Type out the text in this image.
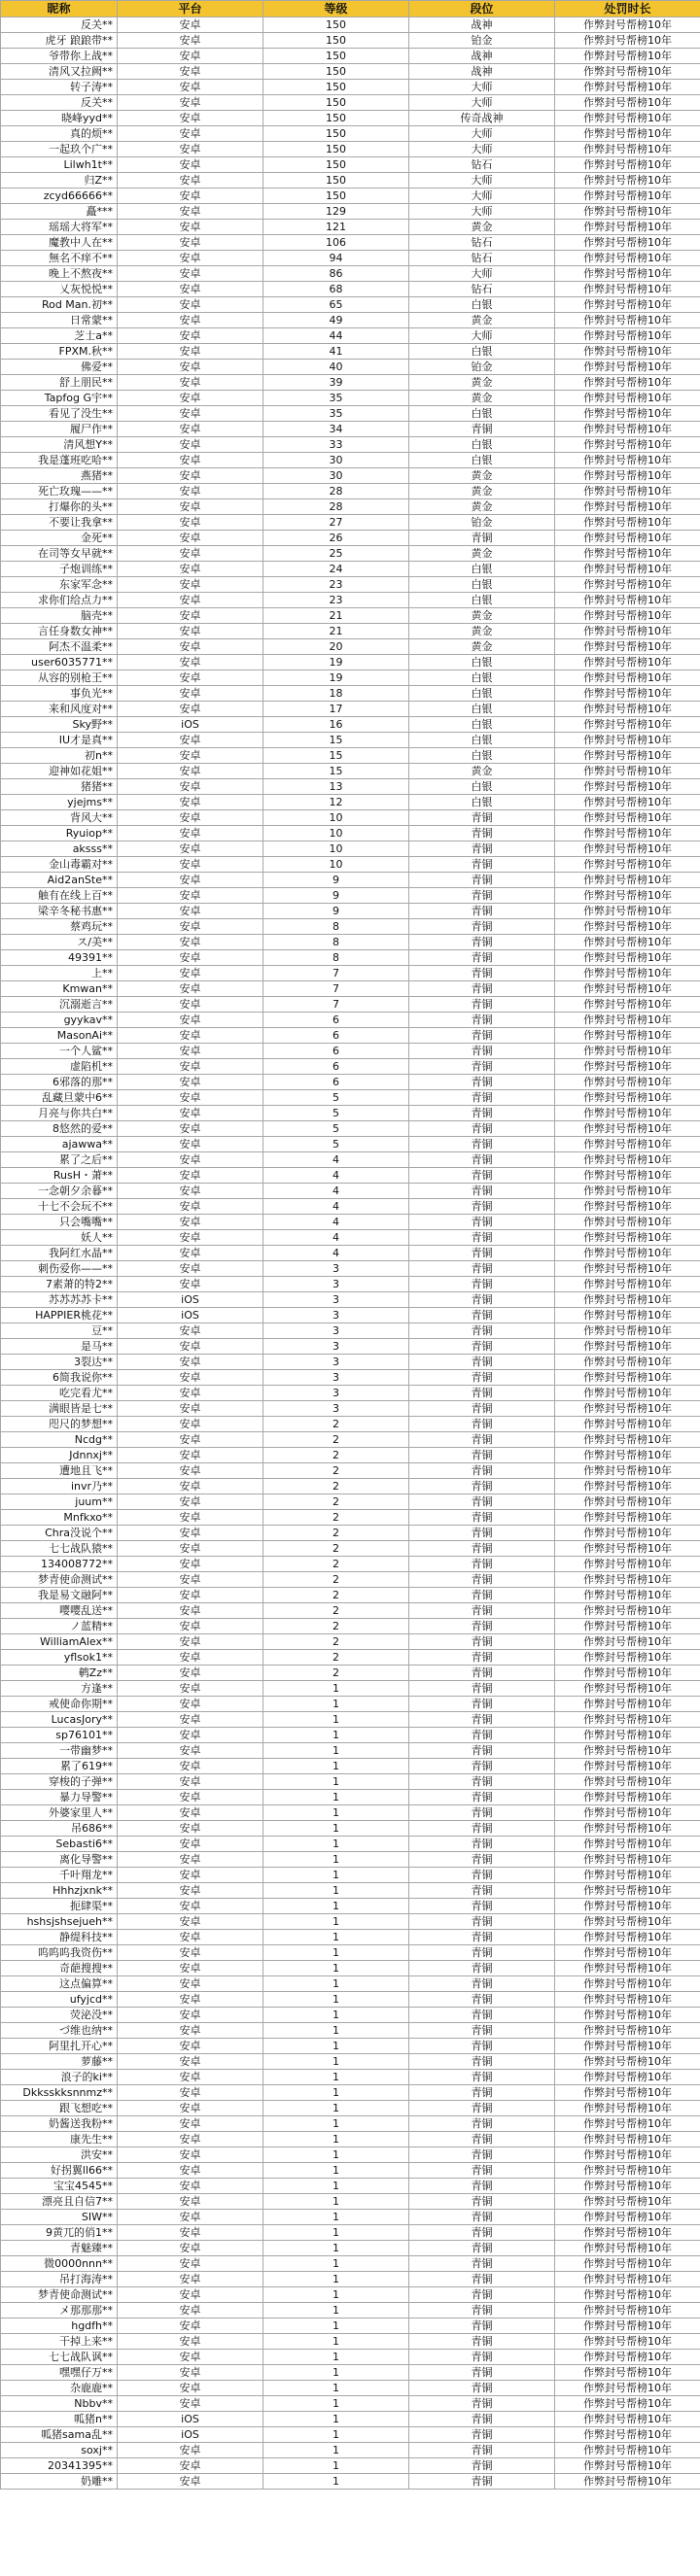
昵称	平台	等级	段位	处罚时长
反关**	安卓	150	战神	作弊封号帮榜10年
虎牙 踉踉带**	安卓	150	铂金	作弊封号帮榜10年
爷带你上战**	安卓	150	战神	作弊封号帮榜10年
清风又拉阙**	安卓	150	战神	作弊封号帮榜10年
转子涛**	安卓	150	大师	作弊封号帮榜10年
反关**	安卓	150	大师	作弊封号帮榜10年
晓峰yyd**	安卓	150	传奇战神	作弊封号帮榜10年
真的烦**	安卓	150	大师	作弊封号帮榜10年
一起玖个广**	安卓	150	大师	作弊封号帮榜10年
Lilwh1t**	安卓	150	钻石	作弊封号帮榜10年
归Z**	安卓	150	大师	作弊封号帮榜10年
zcyd66666**	安卓	150	大师	作弊封号帮榜10年
矗***	安卓	129	大师	作弊封号帮榜10年
瑶瑶大将军**	安卓	121	黄金	作弊封号帮榜10年
魔教中人在**	安卓	106	钻石	作弊封号帮榜10年
無名不痒不**	安卓	94	钻石	作弊封号帮榜10年
晚上不熬夜**	安卓	86	大师	作弊封号帮榜10年
乂灰悦悦**	安卓	68	钻石	作弊封号帮榜10年
Rod Man.初**	安卓	65	白银	作弊封号帮榜10年
日常蒙**	安卓	49	黄金	作弊封号帮榜10年
芝士a**	安卓	44	大师	作弊封号帮榜10年
FPXM.秋**	安卓	41	白银	作弊封号帮榜10年
佛爱**	安卓	40	铂金	作弊封号帮榜10年
舒上朋民**	安卓	39	黄金	作弊封号帮榜10年
Tapfog G宇**	安卓	35	黄金	作弊封号帮榜10年
看见了没生**	安卓	35	白银	作弊封号帮榜10年
履尸作**	安卓	34	青铜	作弊封号帮榜10年
清风想Y**	安卓	33	白银	作弊封号帮榜10年
我是蓬班吃哈**	安卓	30	白银	作弊封号帮榜10年
燕猪**	安卓	30	黄金	作弊封号帮榜10年
死亡玫瑰——**	安卓	28	黄金	作弊封号帮榜10年
打爆你的头**	安卓	28	黄金	作弊封号帮榜10年
不要让我拿**	安卓	27	铂金	作弊封号帮榜10年
金死**	安卓	26	青铜	作弊封号帮榜10年
在司等女早就**	安卓	25	黄金	作弊封号帮榜10年
子炮训练**	安卓	24	白银	作弊封号帮榜10年
东家军念**	安卓	23	白银	作弊封号帮榜10年
求你们给点力**	安卓	23	白银	作弊封号帮榜10年
脑壳**	安卓	21	黄金	作弊封号帮榜10年
言任身数女神**	安卓	21	黄金	作弊封号帮榜10年
阿杰不温柔**	安卓	20	黄金	作弊封号帮榜10年
user6035771**	安卓	19	白银	作弊封号帮榜10年
从容的别枪王**	安卓	19	白银	作弊封号帮榜10年
事负光**	安卓	18	白银	作弊封号帮榜10年
来和风度对**	安卓	17	白银	作弊封号帮榜10年
Sky野**	iOS	16	白银	作弊封号帮榜10年
IU才是真**	安卓	15	白银	作弊封号帮榜10年
初n**	安卓	15	白银	作弊封号帮榜10年
迎神如花姐**	安卓	15	黄金	作弊封号帮榜10年
猪猪**	安卓	13	白银	作弊封号帮榜10年
yjejms**	安卓	12	白银	作弊封号帮榜10年
背风大**	安卓	10	青铜	作弊封号帮榜10年
Ryuiop**	安卓	10	青铜	作弊封号帮榜10年
aksss**	安卓	10	青铜	作弊封号帮榜10年
金山毒霸对**	安卓	10	青铜	作弊封号帮榜10年
Aid2anSte**	安卓	9	青铜	作弊封号帮榜10年
触有在线上百**	安卓	9	青铜	作弊封号帮榜10年
梁辛冬秘书惠**	安卓	9	青铜	作弊封号帮榜10年
蔡鸡玩**	安卓	8	青铜	作弊封号帮榜10年
ス/美**	安卓	8	青铜	作弊封号帮榜10年
49391**	安卓	8	青铜	作弊封号帮榜10年
上**	安卓	7	青铜	作弊封号帮榜10年
Kmwan**	安卓	7	青铜	作弊封号帮榜10年
沉溺逝言**	安卓	7	青铜	作弊封号帮榜10年
gyykav**	安卓	6	青铜	作弊封号帮榜10年
MasonAi**	安卓	6	青铜	作弊封号帮榜10年
一个人鲨**	安卓	6	青铜	作弊封号帮榜10年
虚陷机**	安卓	6	青铜	作弊封号帮榜10年
6邪落的那**	安卓	6	青铜	作弊封号帮榜10年
乱藏旦蒙中6**	安卓	5	青铜	作弊封号帮榜10年
月亮与你共白**	安卓	5	青铜	作弊封号帮榜10年
8悠然的爱**	安卓	5	青铜	作弊封号帮榜10年
ajawwa**	安卓	5	青铜	作弊封号帮榜10年
累了之后**	安卓	4	青铜	作弊封号帮榜10年
RusH・萧**	安卓	4	青铜	作弊封号帮榜10年
一念朝夕余暮**	安卓	4	青铜	作弊封号帮榜10年
十七不会玩不**	安卓	4	青铜	作弊封号帮榜10年
只会嘴嘴**	安卓	4	青铜	作弊封号帮榜10年
妖人**	安卓	4	青铜	作弊封号帮榜10年
我阿红水晶**	安卓	4	青铜	作弊封号帮榜10年
刺伤爱你——**	安卓	3	青铜	作弊封号帮榜10年
7素萧的特2**	安卓	3	青铜	作弊封号帮榜10年
苏苏苏苏卡**	iOS	3	青铜	作弊封号帮榜10年
HAPPIER桃花**	iOS	3	青铜	作弊封号帮榜10年
豆**	安卓	3	青铜	作弊封号帮榜10年
是马**	安卓	3	青铜	作弊封号帮榜10年
3裂达**	安卓	3	青铜	作弊封号帮榜10年
6简我说你**	安卓	3	青铜	作弊封号帮榜10年
吃完看尤**	安卓	3	青铜	作弊封号帮榜10年
满眼皆是七**	安卓	3	青铜	作弊封号帮榜10年
咫尺的梦想**	安卓	2	青铜	作弊封号帮榜10年
Ncdg**	安卓	2	青铜	作弊封号帮榜10年
Jdnnxj**	安卓	2	青铜	作弊封号帮榜10年
遭地且飞**	安卓	2	青铜	作弊封号帮榜10年
invr乃**	安卓	2	青铜	作弊封号帮榜10年
juum**	安卓	2	青铜	作弊封号帮榜10年
Mnfkxo**	安卓	2	青铜	作弊封号帮榜10年
Chra没说个**	安卓	2	青铜	作弊封号帮榜10年
七七战队猿**	安卓	2	青铜	作弊封号帮榜10年
134008772**	安卓	2	青铜	作弊封号帮榜10年
梦青使命测试**	安卓	2	青铜	作弊封号帮榜10年
我是易文融阿**	安卓	2	青铜	作弊封号帮榜10年
嘤嘤乱送**	安卓	2	青铜	作弊封号帮榜10年
ノ蓝精**	安卓	2	青铜	作弊封号帮榜10年
WilliamAlex**	安卓	2	青铜	作弊封号帮榜10年
yflsok1**	安卓	2	青铜	作弊封号帮榜10年
鹌Zz**	安卓	2	青铜	作弊封号帮榜10年
方逢**	安卓	1	青铜	作弊封号帮榜10年
戒使命你期**	安卓	1	青铜	作弊封号帮榜10年
LucasJory**	安卓	1	青铜	作弊封号帮榜10年
sp76101**	安卓	1	青铜	作弊封号帮榜10年
一带幽梦**	安卓	1	青铜	作弊封号帮榜10年
累了619**	安卓	1	青铜	作弊封号帮榜10年
穿梭的子弹**	安卓	1	青铜	作弊封号帮榜10年
暴力导警**	安卓	1	青铜	作弊封号帮榜10年
外婆家里人**	安卓	1	青铜	作弊封号帮榜10年
吊686**	安卓	1	青铜	作弊封号帮榜10年
Sebasti6**	安卓	1	青铜	作弊封号帮榜10年
离化导警**	安卓	1	青铜	作弊封号帮榜10年
千叶翔龙**	安卓	1	青铜	作弊封号帮榜10年
Hhhzjxnk**	安卓	1	青铜	作弊封号帮榜10年
扼肆渠**	安卓	1	青铜	作弊封号帮榜10年
hshsjshsejueh**	安卓	1	青铜	作弊封号帮榜10年
静缇科技**	安卓	1	青铜	作弊封号帮榜10年
呜呜呜我资伤**	安卓	1	青铜	作弊封号帮榜10年
奇葩搜搜**	安卓	1	青铜	作弊封号帮榜10年
这点偏算**	安卓	1	青铜	作弊封号帮榜10年
ufyjcd**	安卓	1	青铜	作弊封号帮榜10年
荧泌没**	安卓	1	青铜	作弊封号帮榜10年
づ维也纳**	安卓	1	青铜	作弊封号帮榜10年
阿里扎开心**	安卓	1	青铜	作弊封号帮榜10年
萝藤**	安卓	1	青铜	作弊封号帮榜10年
浪子的ki**	安卓	1	青铜	作弊封号帮榜10年
Dkksskksnnmz**	安卓	1	青铜	作弊封号帮榜10年
跟飞想吃**	安卓	1	青铜	作弊封号帮榜10年
奶酱送我粉**	安卓	1	青铜	作弊封号帮榜10年
康先生**	安卓	1	青铜	作弊封号帮榜10年
洪安**	安卓	1	青铜	作弊封号帮榜10年
好拐翼ll66**	安卓	1	青铜	作弊封号帮榜10年
宝宝4545**	安卓	1	青铜	作弊封号帮榜10年
漂亮且自信7**	安卓	1	青铜	作弊封号帮榜10年
SIW**	安卓	1	青铜	作弊封号帮榜10年
9黄兀的俏1**	安卓	1	青铜	作弊封号帮榜10年
青魅臻**	安卓	1	青铜	作弊封号帮榜10年
微0000nnn**	安卓	1	青铜	作弊封号帮榜10年
吊打海涛**	安卓	1	青铜	作弊封号帮榜10年
梦青使命测试**	安卓	1	青铜	作弊封号帮榜10年
メ那那那**	安卓	1	青铜	作弊封号帮榜10年
hgdfh**	安卓	1	青铜	作弊封号帮榜10年
干掉上来**	安卓	1	青铜	作弊封号帮榜10年
七七战队讽**	安卓	1	青铜	作弊封号帮榜10年
嘿嘿仔万**	安卓	1	青铜	作弊封号帮榜10年
杂鹿鹿**	安卓	1	青铜	作弊封号帮榜10年
Nbbv**	安卓	1	青铜	作弊封号帮榜10年
呱猪n**	iOS	1	青铜	作弊封号帮榜10年
呱猪sama乱**	iOS	1	青铜	作弊封号帮榜10年
soxj**	安卓	1	青铜	作弊封号帮榜10年
20341395**	安卓	1	青铜	作弊封号帮榜10年
奶雕**	安卓	1	青铜	作弊封号帮榜10年
